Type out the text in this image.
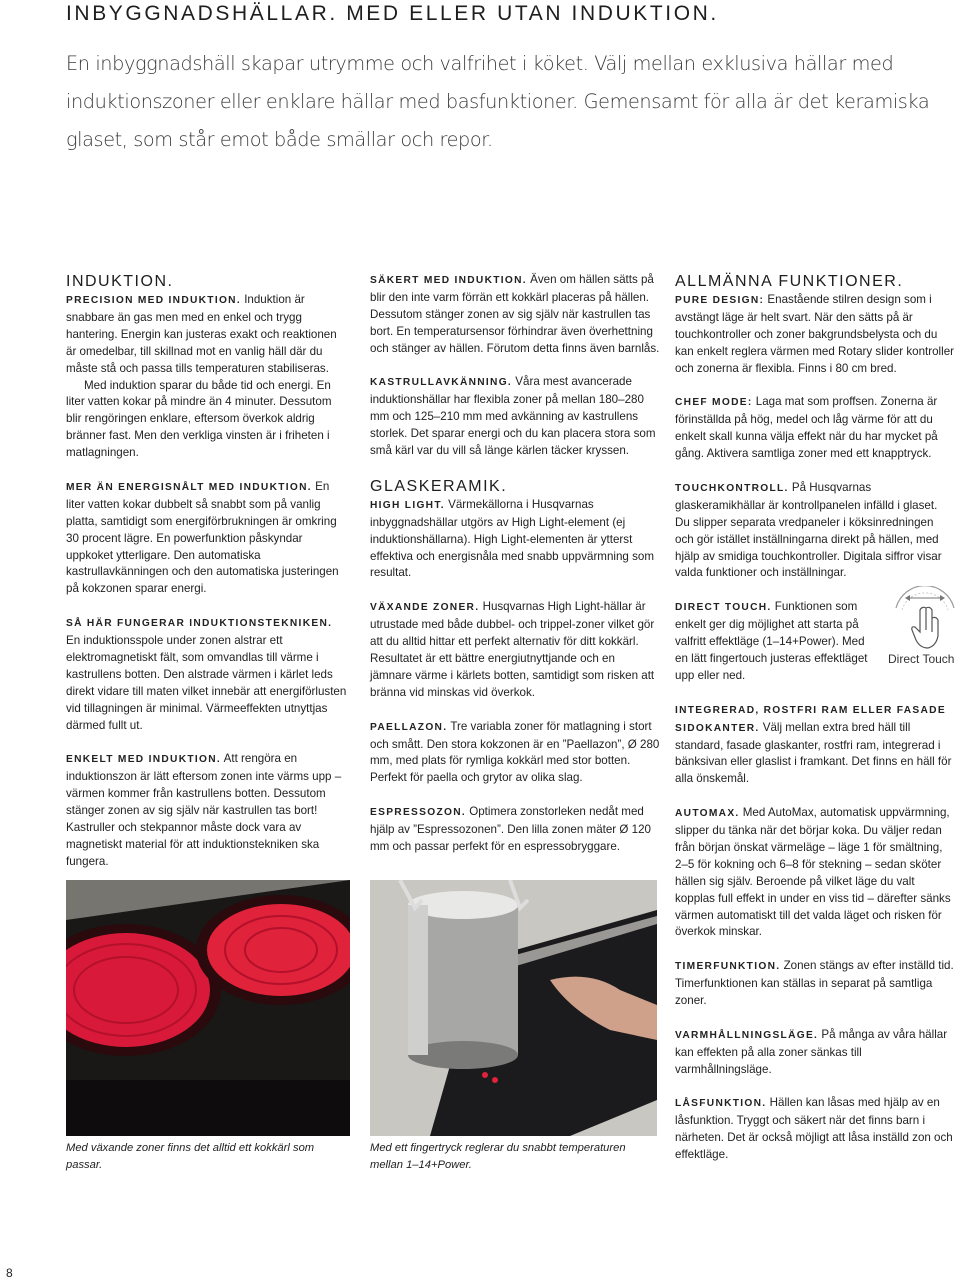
INBYGGNADSHÄLLAR. MED ELLER UTAN INDUKTION.
En inbyggnadshäll skapar utrymme och valfrihet i köket. Välj mellan exklusiva hällar med induktionszoner eller enklare hällar med basfunktioner. Gemensamt för alla är det keramiska glaset, som står emot både smällar och repor.
INDUKTION.

PRECISION MED INDUKTION. Induktion är snabbare än gas men med en enkel och trygg hantering. Energin kan justeras exakt och reaktionen är omedelbar, till skillnad mot en vanlig häll där du måste stå och passa tills temperaturen stabiliseras.

Med induktion sparar du både tid och energi. En liter vatten kokar på mindre än 4 minuter. Dessutom blir rengöringen enklare, eftersom överkok aldrig bränner fast. Men den verkliga vinsten är i friheten i matlagningen.

MER ÄN ENERGISNÅLT MED INDUKTION. En liter vatten kokar dubbelt så snabbt som på vanlig platta, samtidigt som energiförbrukningen är omkring 30 procent lägre. En powerfunktion påskyndar uppkoket ytterligare. Den automatiska kastrullavkänningen och den automatiska justeringen på kokzonen sparar energi.

SÅ HÄR FUNGERAR INDUKTIONSTEKNIKEN. En induktionsspole under zonen alstrar ett elektromagnetiskt fält, som omvandlas till värme i kastrullens botten. Den alstrade värmen i kärlet leds direkt vidare till maten vilket innebär att energiförlusten vid tillagningen är minimal. Värmeeffekten utnyttjas därmed fullt ut.

ENKELT MED INDUKTION. Att rengöra en induktionszon är lätt eftersom zonen inte värms upp – värmen kommer från kastrullens botten. Dessutom stänger zonen av sig själv när kastrullen tas bort! Kastruller och stekpannor måste dock vara av magnetiskt material för att induktionstekniken ska fungera.

SÄKERT MED INDUKTION. Även om hällen sätts på blir den inte varm förrän ett kokkärl placeras på hällen. Dessutom stänger zonen av sig själv när kastrullen tas bort. En temperatursensor förhindrar även överhettning och stänger av hällen. Förutom detta finns även barnlås.

KASTRULLAVKÄNNING. Våra mest avancerade induktionshällar har flexibla zoner på mellan 180–280 mm och 125–210 mm med avkänning av kastrullens storlek. Det sparar energi och du kan placera stora som små kärl var du vill så länge kärlen täcker kryssen.

GLASKERAMIK.

HIGH LIGHT. Värmekällorna i Husqvarnas inbyggnadshällar utgörs av High Light-element (ej induktionshällarna). High Light-elementen är ytterst effektiva och energisnåla med snabb uppvärmning som resultat.

VÄXANDE ZONER. Husqvarnas High Light-hällar är utrustade med både dubbel- och trippel-zoner vilket gör att du alltid hittar ett perfekt alternativ för ditt kokkärl. Resultatet är ett bättre energiutnyttjande och en jämnare värme i kärlets botten, samtidigt som risken att bränna vid minskas vid överkok.

PAELLAZON. Tre variabla zoner för matlagning i stort och smått. Den stora kokzonen är en ”Paellazon”, Ø 280 mm, med plats för rymliga kokkärl med stor botten. Perfekt för paella och grytor av olika slag.

ESPRESSOZON. Optimera zonstorleken nedåt med hjälp av ”Espressozonen”. Den lilla zonen mäter Ø 120 mm och passar perfekt för en espressobryggare.

ALLMÄNNA FUNKTIONER.

PURE DESIGN: Enastående stilren design som i avstängt läge är helt svart. När den sätts på är touchkontroller och zoner bakgrundsbelysta och du kan enkelt reglera värmen med Rotary slider kontroller och zonerna är flexibla. Finns i 80 cm bred.

CHEF MODE: Laga mat som proffsen. Zonerna är förinställda på hög, medel och låg värme för att du enkelt skall kunna välja effekt när du har mycket på gång. Aktivera samtliga zoner med ett knapptryck.

TOUCHKONTROLL. På Husqvarnas glaskeramikhällar är kontrollpanelen infälld i glaset. Du slipper separata vredpaneler i köksinredningen och gör istället inställningarna direkt på hällen, med hjälp av smidiga touchkontroller. Digitala siffror visar valda funktioner och inställningar.

DIRECT TOUCH. Funktionen som enkelt ger dig möjlighet att starta på valfritt effektläge (1–14+Power). Med en lätt fingertouch justeras effektläget upp eller ned.

INTEGRERAD, ROSTFRI RAM ELLER FASADE SIDOKANTER. Välj mellan extra bred häll till standard, fasade glaskanter, rostfri ram, integrerad i bänksivan eller glaslist i framkant. Det finns en häll för alla önskemål.

AUTOMAX. Med AutoMax, automatisk uppvärmning, slipper du tänka när det börjar koka. Du väljer redan från början önskat värmeläge – läge 1 för smältning, 2–5 för kokning och 6–8 för stekning – sedan sköter hällen sig själv. Beroende på vilket läge du valt kopplas full effekt in under en viss tid – därefter sänks värmen automatiskt till det valda läget och risken för överkok minskar.

TIMERFUNKTION. Zonen stängs av efter inställd tid. Timerfunktionen kan ställas in separat på samtliga zoner.

VARMHÅLLNINGSLÄGE. På många av våra hällar kan effekten på alla zoner sänkas till varmhållningsläge.

LÅSFUNKTION. Hällen kan låsas med hjälp av en låsfunktion. Tryggt och säkert när det finns barn i närheten. Det är också möjligt att låsa inställd zon och effektläge.

Direct Touch
Med växande zoner finns det alltid ett kokkärl som passar.
Med ett fingertryck reglerar du snabbt temperaturen mellan 1–14+Power.
8
